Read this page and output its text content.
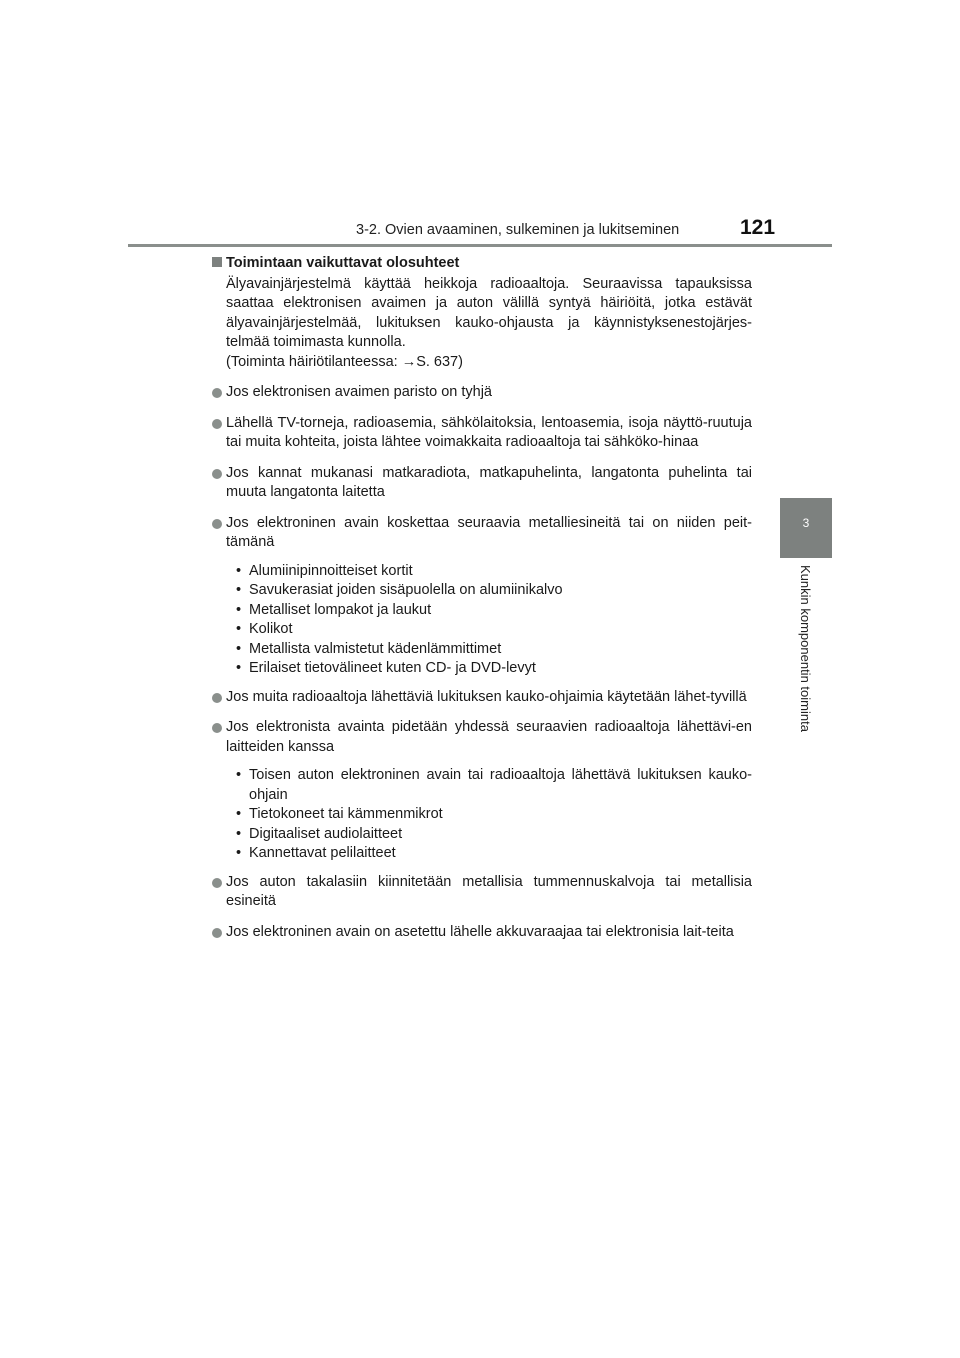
3-2. Ovien avaaminen, sulkeminen ja lukitseminen	121
3
Kunkin komponentin toiminta
Toimintaan vaikuttavat olosuhteet
Älyavainjärjestelmä käyttää heikkoja radioaaltoja. Seuraavissa tapauksissa saattaa elektronisen avaimen ja auton välillä syntyä häiriöitä, jotka estävät älyavainjärjestelmää, lukituksen kauko-ohjausta ja käynnistyksenestojärjes-telmää toimimasta kunnolla.
(Toiminta häiriötilanteessa: →S. 637)
Jos elektronisen avaimen paristo on tyhjä
Lähellä TV-torneja, radioasemia, sähkölaitoksia, lentoasemia, isoja näyttö-ruutuja tai muita kohteita, joista lähtee voimakkaita radioaaltoja tai sähköko-hinaa
Jos kannat mukanasi matkaradiota, matkapuhelinta, langatonta puhelinta tai muuta langatonta laitetta
Jos elektroninen avain koskettaa seuraavia metalliesineitä tai on niiden peit-tämänä
• Alumiinipinnoitteiset kortit
• Savukerasiat joiden sisäpuolella on alumiinikalvo
• Metalliset lompakot ja laukut
• Kolikot
• Metallista valmistetut kädenlämmittimet
• Erilaiset tietovälineet kuten CD- ja DVD-levyt
Jos muita radioaaltoja lähettäviä lukituksen kauko-ohjaimia käytetään lähet-tyvillä
Jos elektronista avainta pidetään yhdessä seuraavien radioaaltoja lähettävi-en laitteiden kanssa
• Toisen auton elektroninen avain tai radioaaltoja lähettävä lukituksen kauko-ohjain
• Tietokoneet tai kämmenmikrot
• Digitaaliset audiolaitteet
• Kannettavat pelilaitteet
Jos auton takalasiin kiinnitetään metallisia tummennuskalvoja tai metallisia esineitä
Jos elektroninen avain on asetettu lähelle akkuvaraajaa tai elektronisia lait-teita
